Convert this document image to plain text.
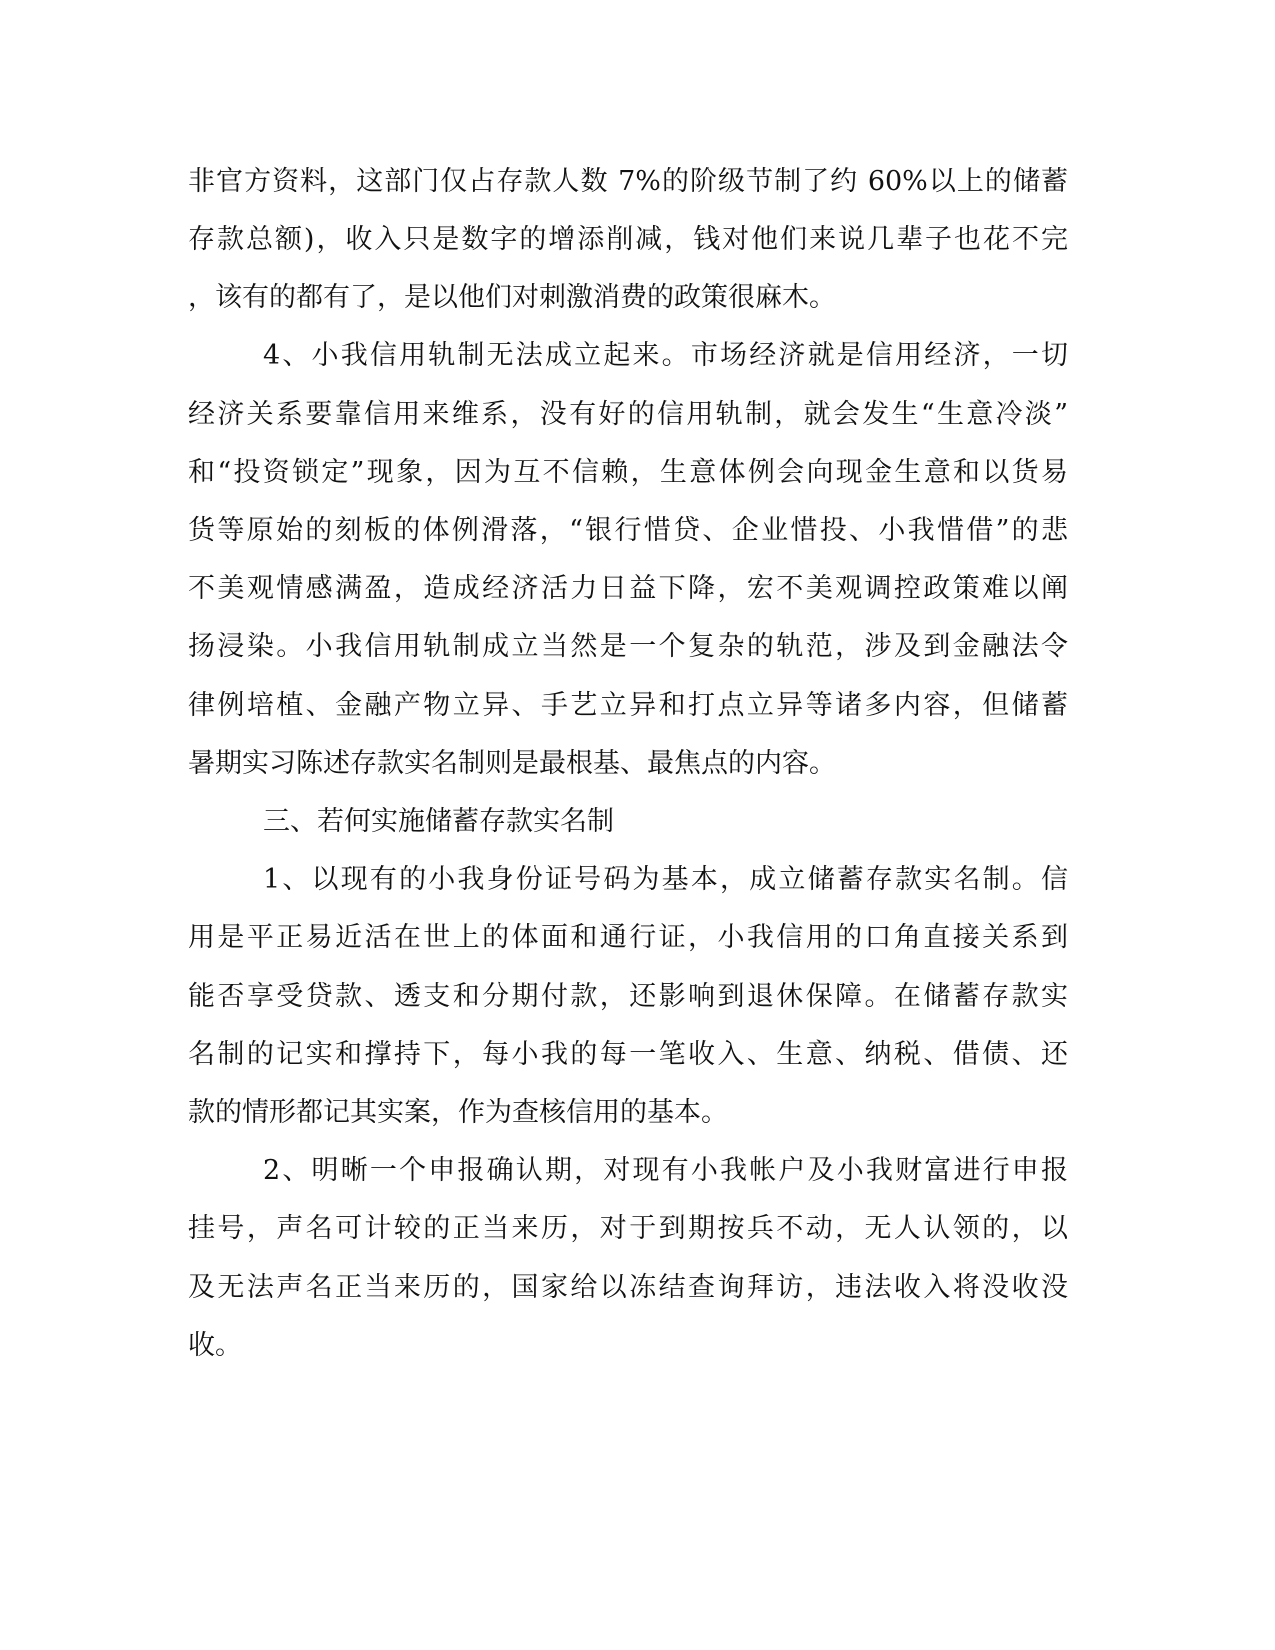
非官方资料，这部门仅占存款人数 7%的阶级节制了约 60%以上的储蓄
存款总额)，收入只是数字的增添削减，钱对他们来说几辈子也花不完
，该有的都有了，是以他们对刺激消费的政策很麻木。
4、小我信用轨制无法成立起来。市场经济就是信用经济，一切
经济关系要靠信用来维系，没有好的信用轨制，就会发生“生意冷淡”
和“投资锁定”现象，因为互不信赖，生意体例会向现金生意和以货易
货等原始的刻板的体例滑落，“银行惜贷、企业惜投、小我惜借”的悲
不美观情感满盈，造成经济活力日益下降，宏不美观调控政策难以阐
扬浸染。小我信用轨制成立当然是一个复杂的轨范，涉及到金融法令
律例培植、金融产物立异、手艺立异和打点立异等诸多内容，但储蓄
暑期实习陈述存款实名制则是最根基、最焦点的内容。
三、若何实施储蓄存款实名制
1、以现有的小我身份证号码为基本，成立储蓄存款实名制。信
用是平正易近活在世上的体面和通行证，小我信用的口角直接关系到
能否享受贷款、透支和分期付款，还影响到退休保障。在储蓄存款实
名制的记实和撑持下，每小我的每一笔收入、生意、纳税、借债、还
款的情形都记其实案，作为查核信用的基本。
2、明晰一个申报确认期，对现有小我帐户及小我财富进行申报
挂号，声名可计较的正当来历，对于到期按兵不动，无人认领的，以
及无法声名正当来历的，国家给以冻结查询拜访，违法收入将没收没
收。
